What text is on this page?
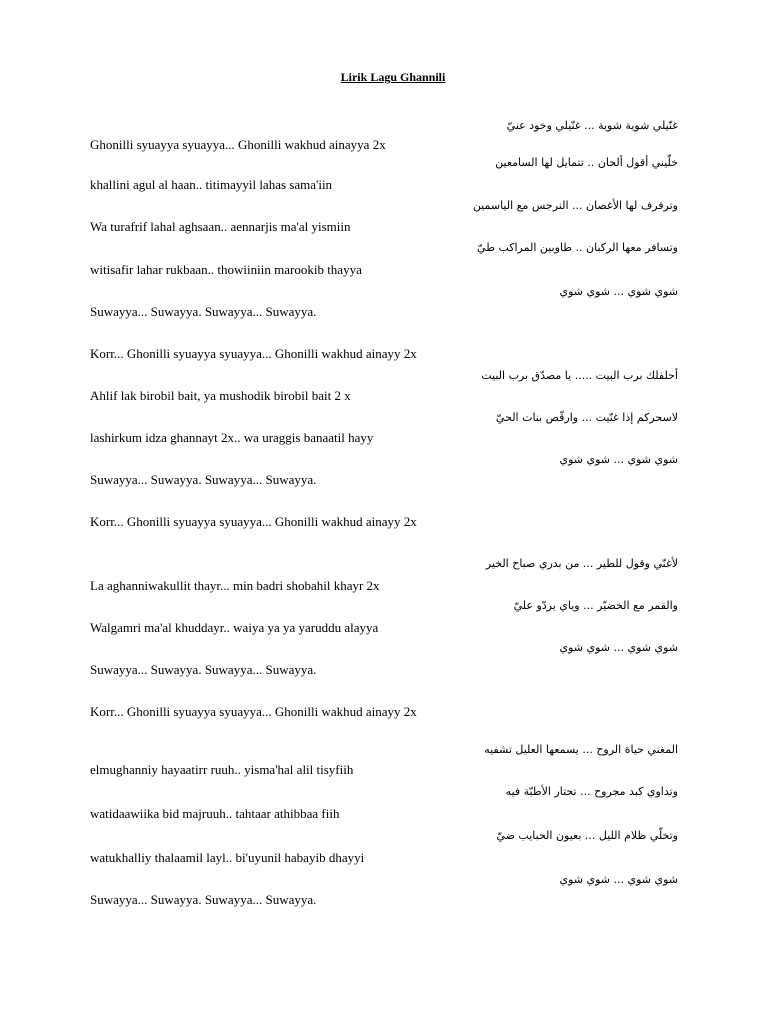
Lirik Lagu Ghannili
غنّيلي شوية شوية ... غنّيلي وخود عنيّ
Ghonilli syuayya syuayya... Ghonilli wakhud ainayya 2x
خلّيني أقول ألحان .. تتمايل لها السامعين
khallini agul al haan.. titimayyil lahas sama'iin
وترفرف لها الأغصان ... النرجس مع الياسمين
Wa turafrif lahal aghsaan.. aennarjis ma'al yismiin
وتسافر معها الركبان .. طاوبين المراكب طيّ
witisafir lahar rukbaan.. thowiiniin marookib thayya
شوي شوي ... شوي شوي
Suwayya... Suwayya. Suwayya... Suwayya.
Korr... Ghonilli syuayya syuayya... Ghonilli wakhud ainayy 2x
أحلفلك برب البيت ..... يا مصدّق برب البيت
Ahlif lak birobil bait, ya mushodik birobil bait 2 x
لاسحركم إذا غنّيت ... وارقّص بنات الحيّ
lashirkum idza ghannayt 2x.. wa uraggis banaatil hayy
شوي شوي ... شوي شوي
Suwayya... Suwayya. Suwayya... Suwayya.
Korr... Ghonilli syuayya syuayya... Ghonilli wakhud ainayy 2x
لأغنّي وقول للطير ... من بدري صباح الخير
La aghanniwakullit thayr... min badri shobahil khayr 2x
والقمر مع الخضيّر ... وياي يردّو عليّ
Walgamri ma'al khuddayr.. waiya ya ya yaruddu alayya
شوي شوي ... شوي شوي
Suwayya... Suwayya. Suwayya... Suwayya.
Korr... Ghonilli syuayya syuayya... Ghonilli wakhud ainayy 2x
المغني حياة الروح ... يسمعها العليل تشفيه
elmughanniy hayaatirr ruuh.. yisma'hal alil tisyfiih
وتداوي كبد مجروح ... تحتار الأطبّة فيه
watidaawiika bid majruuh.. tahtaar athibbaa fiih
وتخلّي ظلام الليل ... بعيون الحبايب ضيّ
watukhalliy thalaamil layl.. bi'uyunil habayib dhayyi
شوي شوي ... شوي شوي
Suwayya... Suwayya. Suwayya... Suwayya.
